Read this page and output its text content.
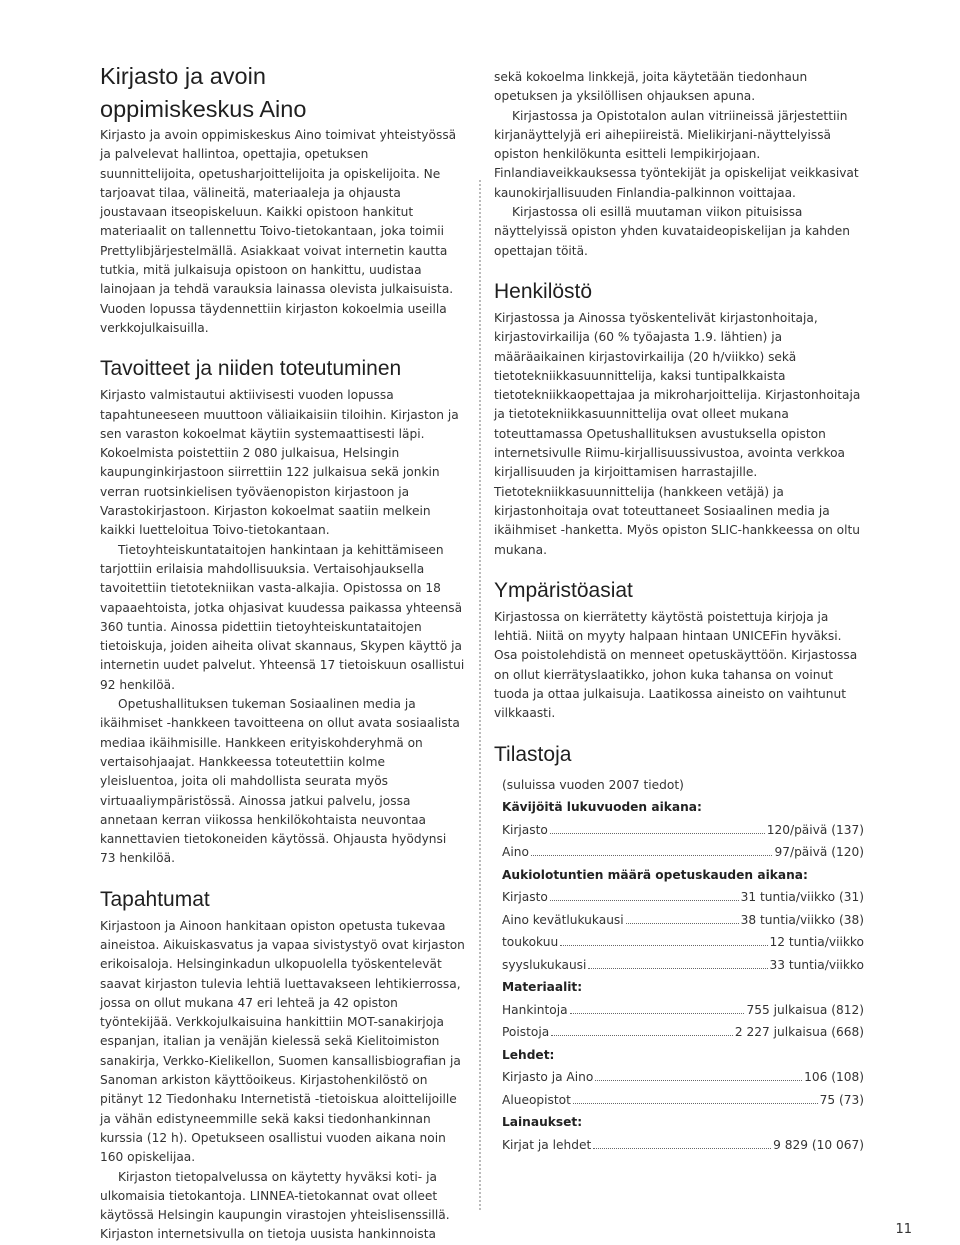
Kirjasto ja avoin
oppimiskeskus Aino

Kirjasto ja avoin oppimiskeskus Aino toimivat yhteistyössä ja palvelevat hallintoa, opettajia, opetuksen suunnittelijoita, opetusharjoittelijoita ja opiskelijoita. Ne tarjoavat tilaa, välineitä, materiaaleja ja ohjausta joustavaan itseopiskeluun. Kaikki opistoon hankitut materiaalit on tallennettu Toivo-tietokantaan, joka toimii Prettylibjärjestelmällä. Asiakkaat voivat internetin kautta tutkia, mitä julkaisuja opistoon on hankittu, uudistaa lainojaan ja tehdä varauksia lainassa olevista julkaisuista. Vuoden lopussa täydennettiin kirjaston kokoelmia useilla verkkojulkaisuilla.

Tavoitteet ja niiden toteutuminen

Kirjasto valmistautui aktiivisesti vuoden lopussa tapahtuneeseen muuttoon väliaikaisiin tiloihin. Kirjaston ja sen varaston kokoelmat käytiin systemaattisesti läpi. Kokoelmista poistettiin 2 080 julkaisua, Helsingin kaupunginkirjastoon siirrettiin 122 julkaisua sekä jonkin verran ruotsinkielisen työväenopiston kirjastoon ja Varastokirjastoon. Kirjaston kokoelmat saatiin melkein kaikki luetteloitua Toivo-tietokantaan.

Tietoyhteiskuntataitojen hankintaan ja kehittämiseen tarjottiin erilaisia mahdollisuuksia. Vertaisohjauksella tavoitettiin tietotekniikan vasta-alkajia. Opistossa on 18 vapaaehtoista, jotka ohjasivat kuudessa paikassa yhteensä 360 tuntia. Ainossa pidettiin tietoyhteiskuntataitojen tietoiskuja, joiden aiheita olivat skannaus, Skypen käyttö ja internetin uudet palvelut. Yhteensä 17 tietoiskuun osallistui 92 henkilöä.

Opetushallituksen tukeman Sosiaalinen media ja ikäihmiset -hankkeen tavoitteena on ollut avata sosiaalista mediaa ikäihmisille. Hankkeen erityiskohderyhmä on vertaisohjaajat. Hankkeessa toteutettiin kolme yleisluentoa, joita oli mahdollista seurata myös virtuaaliympäristössä. Ainossa jatkui palvelu, jossa annetaan kerran viikossa henkilökohtaista neuvontaa kannettavien tietokoneiden käytössä. Ohjausta hyödynsi 73 henkilöä.

Tapahtumat

Kirjastoon ja Ainoon hankitaan opiston opetusta tukevaa aineistoa. Aikuiskasvatus ja vapaa sivistystyö ovat kirjaston erikoisaloja. Helsinginkadun ulkopuolella työskentelevät saavat kirjaston tulevia lehtiä luettavakseen lehtikierrossa, jossa on ollut mukana 47 eri lehteä ja 42 opiston työntekijää. Verkkojulkaisuina hankittiin MOT-sanakirjoja espanjan, italian ja venäjän kielessä sekä Kielitoimiston sanakirja, Verkko-Kielikellon, Suomen kansallisbiografian ja Sanoman arkiston käyttöoikeus. Kirjastohenkilöstö on pitänyt 12 Tiedonhaku Internetistä -tietoiskua aloittelijoille ja vähän edistyneemmille sekä kaksi tiedonhankinnan kurssia (12 h). Opetukseen osallistui vuoden aikana noin 160 opiskelijaa.

Kirjaston tietopalvelussa on käytetty hyväksi koti- ja ulkomaisia tietokantoja. LINNEA-tietokannat ovat olleet käytössä Helsingin kaupungin virastojen yhteislisenssillä. Kirjaston internetsivulla on tietoja uusista hankinnoista

sekä kokoelma linkkejä, joita käytetään tiedonhaun opetuksen ja yksilöllisen ohjauksen apuna.

Kirjastossa ja Opistotalon aulan vitriineissä järjestettiin kirjanäyttelyjä eri aihepiireistä. Mielikirjani-näyttelyissä opiston henkilökunta esitteli lempikirjojaan. Finlandiaveikkauksessa työntekijät ja opiskelijat veikkasivat kaunokirjallisuuden Finlandia-palkinnon voittajaa.

Kirjastossa oli esillä muutaman viikon pituisissa näyttelyissä opiston yhden kuvataideopiskelijan ja kahden opettajan töitä.

Henkilöstö

Kirjastossa ja Ainossa työskentelivät kirjastonhoitaja, kirjastovirkailija (60 % työajasta 1.9. lähtien) ja määräaikainen kirjastovirkailija (20 h/viikko) sekä tietotekniikkasuunnittelija, kaksi tuntipalkkaista tietotekniikkaopettajaa ja mikroharjoittelija. Kirjastonhoitaja ja tietotekniikkasuunnittelija ovat olleet mukana toteuttamassa Opetushallituksen avustuksella opiston internetsivulle Riimu-kirjallisuussivustoa, avointa verkkoa kirjallisuuden ja kirjoittamisen harrastajille. Tietotekniikkasuunnittelija (hankkeen vetäjä) ja kirjastonhoitaja ovat toteuttaneet Sosiaalinen media ja ikäihmiset -hanketta. Myös opiston SLIC-hankkeessa on oltu mukana.

Ympäristöasiat

Kirjastossa on kierrätetty käytöstä poistettuja kirjoja ja lehtiä. Niitä on myyty halpaan hintaan UNICEFin hyväksi. Osa poistolehdistä on menneet opetuskäyttöön. Kirjastossa on ollut kierrätyslaatikko, johon kuka tahansa on voinut tuoda ja ottaa julkaisuja. Laatikossa aineisto on vaihtunut vilkkaasti.

Tilastoja
(suluissa vuoden 2007 tiedot)
Kävijöitä lukuvuoden aikana:
Kirjasto	120/päivä (137)
Aino	97/päivä (120)
Aukiolotuntien määrä opetuskauden aikana:
Kirjasto	31 tuntia/viikko (31)
Aino kevätlukukausi	38 tuntia/viikko (38)
toukokuu	12 tuntia/viikko
syyslukukausi	33 tuntia/viikko
Materiaalit:
Hankintoja	755 julkaisua (812)
Poistoja	2 227 julkaisua (668)
Lehdet:
Kirjasto ja Aino	106 (108)
Alueopistot	75 (73)
Lainaukset:
Kirjat ja lehdet	9 829 (10 067)
11
